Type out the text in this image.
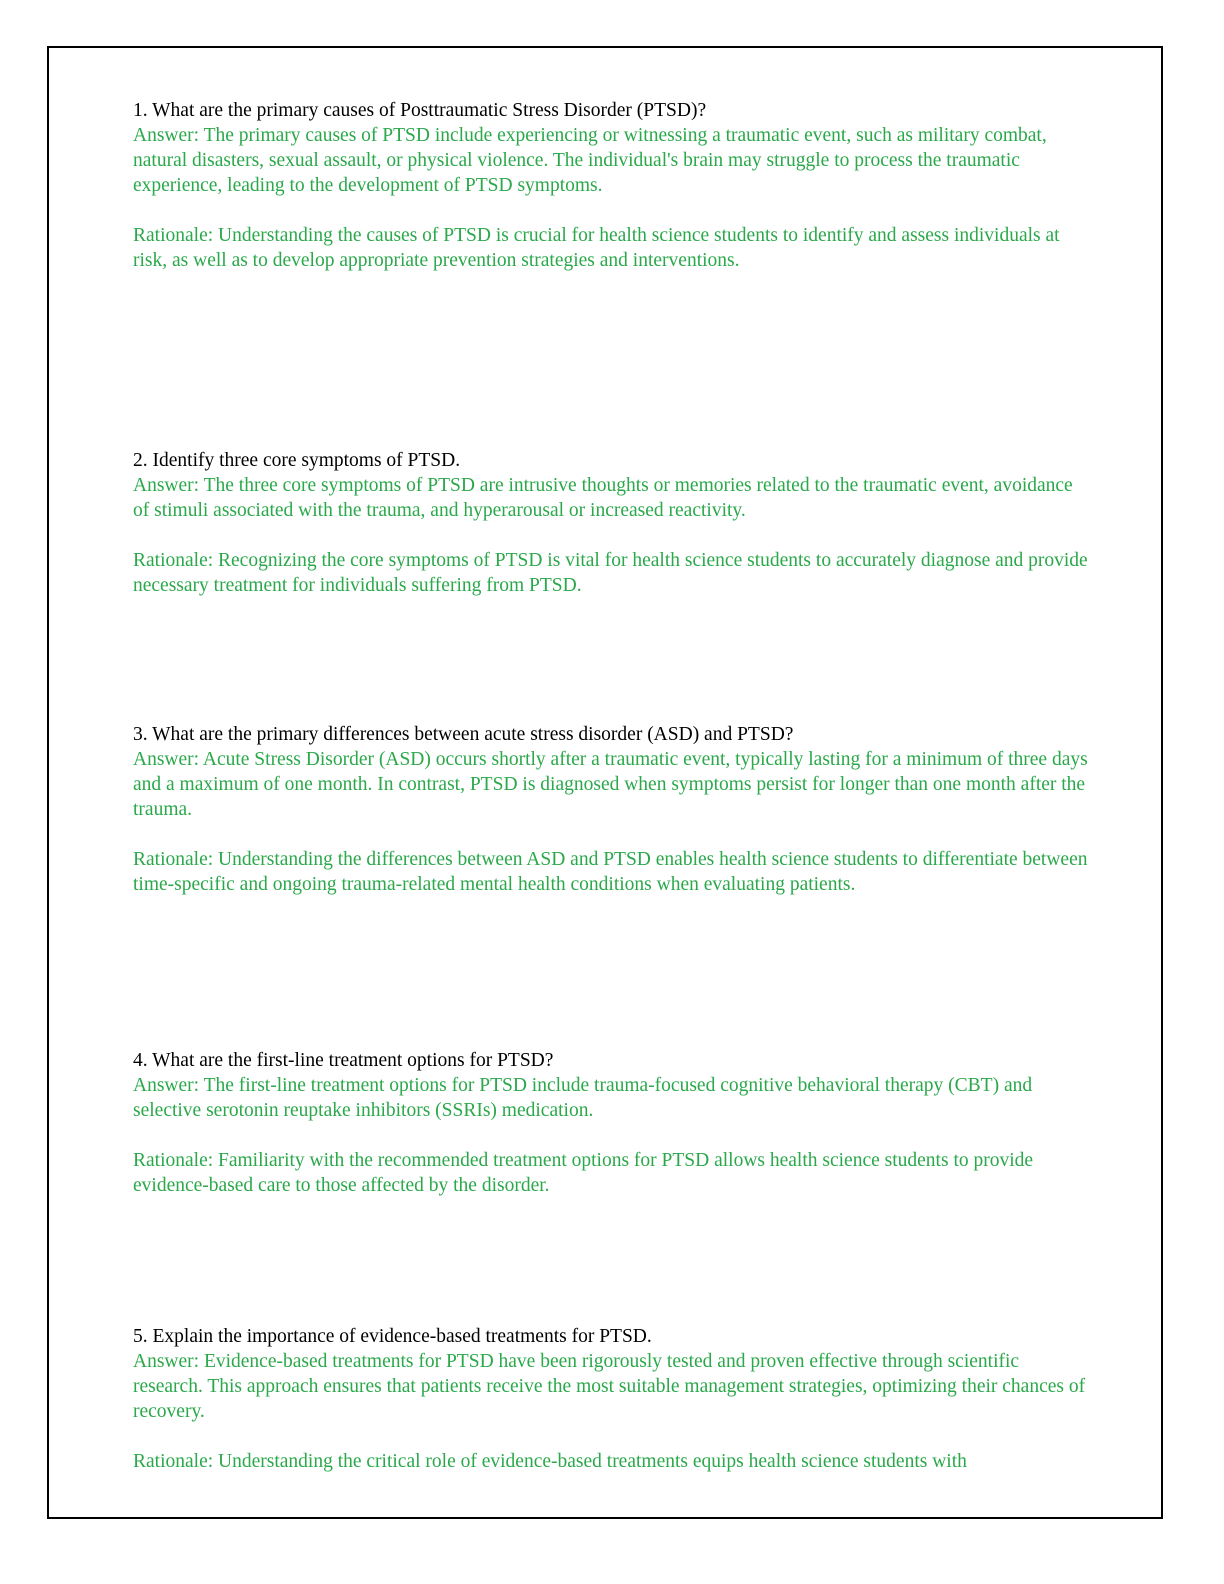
1. What are the primary causes of Posttraumatic Stress Disorder (PTSD)?

Answer: The primary causes of PTSD include experiencing or witnessing a traumatic event, such as military combat, natural disasters, sexual assault, or physical violence. The individual's brain may struggle to process the traumatic experience, leading to the development of PTSD symptoms.

Rationale: Understanding the causes of PTSD is crucial for health science students to identify and assess individuals at risk, as well as to develop appropriate prevention strategies and interventions.

2. Identify three core symptoms of PTSD.

Answer: The three core symptoms of PTSD are intrusive thoughts or memories related to the traumatic event, avoidance of stimuli associated with the trauma, and hyperarousal or increased reactivity.

Rationale: Recognizing the core symptoms of PTSD is vital for health science students to accurately diagnose and provide necessary treatment for individuals suffering from PTSD.

3. What are the primary differences between acute stress disorder (ASD) and PTSD?

Answer: Acute Stress Disorder (ASD) occurs shortly after a traumatic event, typically lasting for a minimum of three days and a maximum of one month. In contrast, PTSD is diagnosed when symptoms persist for longer than one month after the trauma.

Rationale: Understanding the differences between ASD and PTSD enables health science students to differentiate between time-specific and ongoing trauma-related mental health conditions when evaluating patients.

4. What are the first-line treatment options for PTSD?

Answer: The first-line treatment options for PTSD include trauma-focused cognitive behavioral therapy (CBT) and selective serotonin reuptake inhibitors (SSRIs) medication.

Rationale: Familiarity with the recommended treatment options for PTSD allows health science students to provide evidence-based care to those affected by the disorder.

5. Explain the importance of evidence-based treatments for PTSD.

Answer: Evidence-based treatments for PTSD have been rigorously tested and proven effective through scientific research. This approach ensures that patients receive the most suitable management strategies, optimizing their chances of recovery.

Rationale: Understanding the critical role of evidence-based treatments equips health science students with
